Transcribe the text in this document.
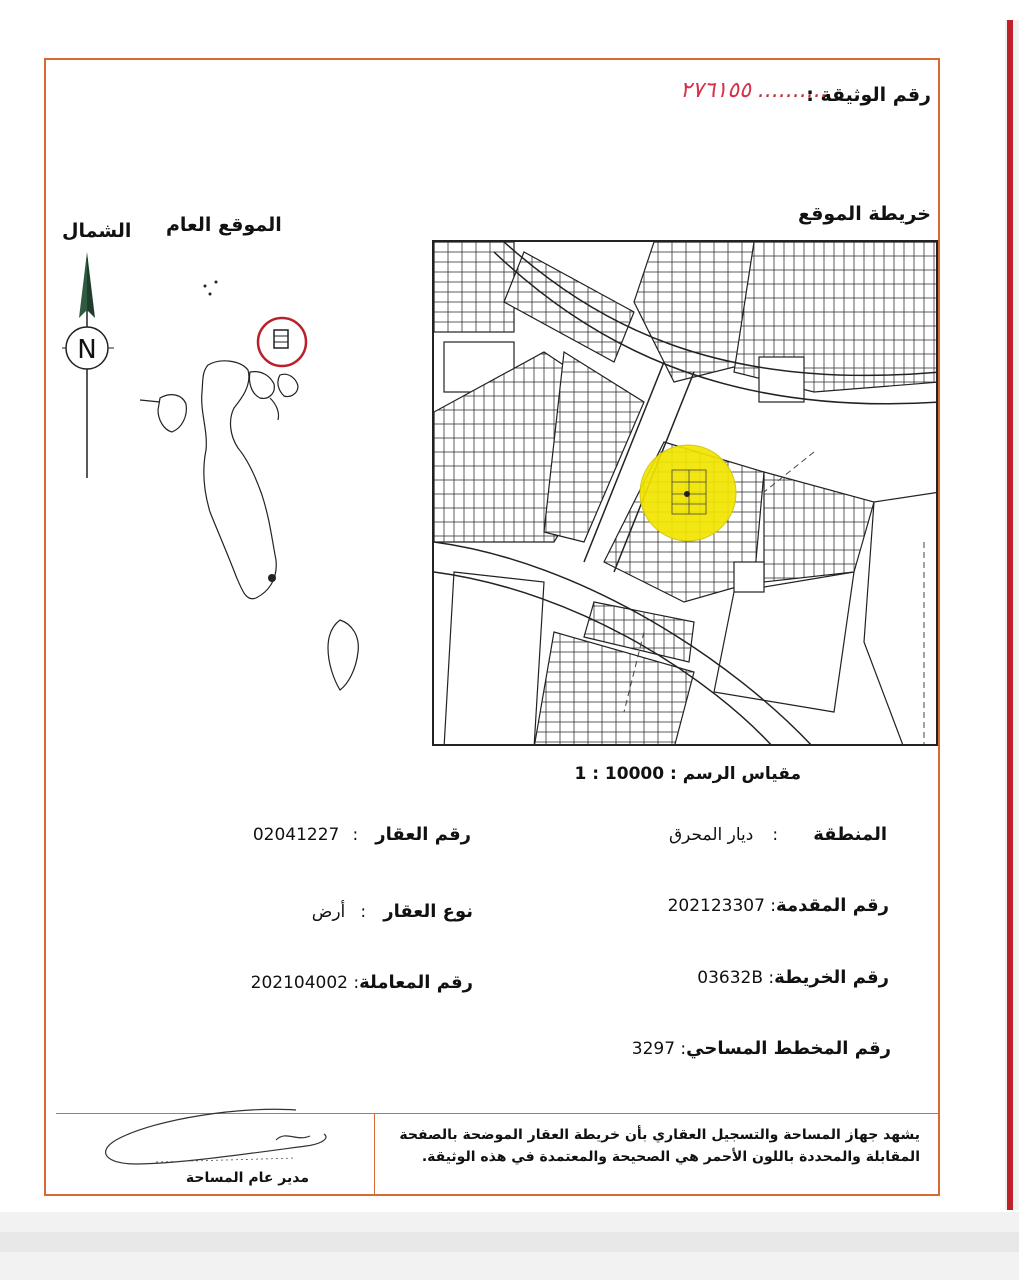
رقم الوثيقة :
٢٧٦١٥٥ ..........
خريطة الموقع
الموقع العام
الشمال
N
مقياس الرسم : 1 : 10000
المنطقة : ديار المحرق
رقم المقدمة: 202123307
رقم الخريطة: 03632B
رقم المخطط المساحي: 3297
رقم العقار : 02041227
نوع العقار : أرض
رقم المعاملة: 202104002
يشهد جهاز المساحة والتسجيل العقاري بأن خريطة العقار الموضحة بالصفحة المقابلة والمحددة باللون الأحمر هي الصحيحة والمعتمدة في هذه الوثيقة.
مدير عام المساحة
